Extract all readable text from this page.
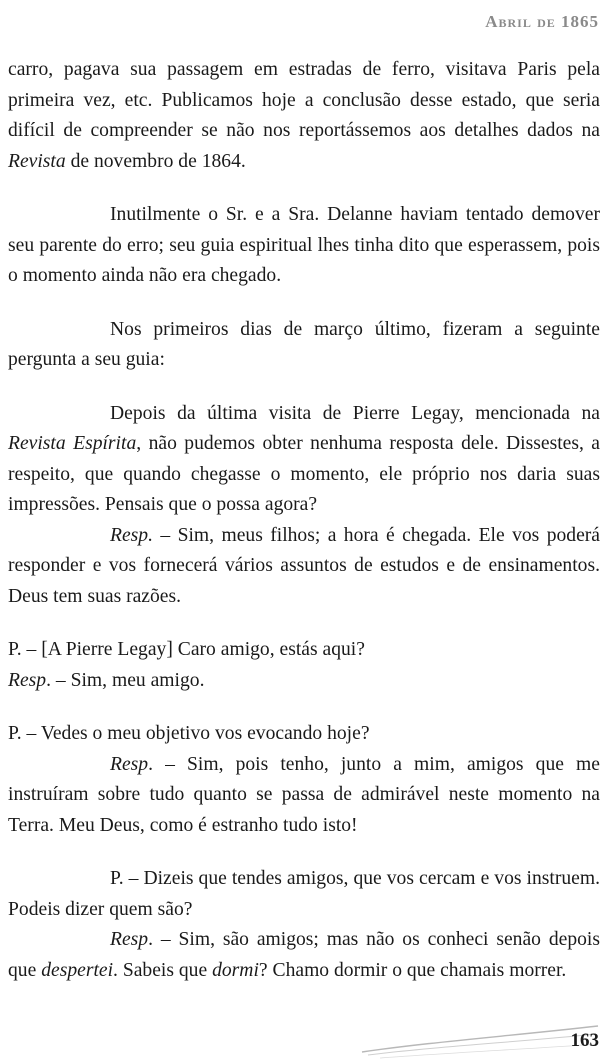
Abril de 1865

carro, pagava sua passagem em estradas de ferro, visitava Paris pela primeira vez, etc. Publicamos hoje a conclusão desse estado, que seria difícil de compreender se não nos reportássemos aos detalhes dados na Revista de novembro de 1864.

Inutilmente o Sr. e a Sra. Delanne haviam tentado demover seu parente do erro; seu guia espiritual lhes tinha dito que esperassem, pois o momento ainda não era chegado.

Nos primeiros dias de março último, fizeram a seguinte pergunta a seu guia:

Depois da última visita de Pierre Legay, mencionada na Revista Espírita, não pudemos obter nenhuma resposta dele. Dissestes, a respeito, que quando chegasse o momento, ele próprio nos daria suas impressões. Pensais que o possa agora?

Resp. – Sim, meus filhos; a hora é chegada. Ele vos poderá responder e vos fornecerá vários assuntos de estudos e de ensinamentos. Deus tem suas razões.

P. – [A Pierre Legay] Caro amigo, estás aqui?

Resp. – Sim, meu amigo.

P. – Vedes o meu objetivo vos evocando hoje?

Resp. – Sim, pois tenho, junto a mim, amigos que me instruíram sobre tudo quanto se passa de admirável neste momento na Terra. Meu Deus, como é estranho tudo isto!

P. – Dizeis que tendes amigos, que vos cercam e vos instruem. Podeis dizer quem são?

Resp. – Sim, são amigos; mas não os conheci senão depois que despertei. Sabeis que dormi? Chamo dormir o que chamais morrer.

163
